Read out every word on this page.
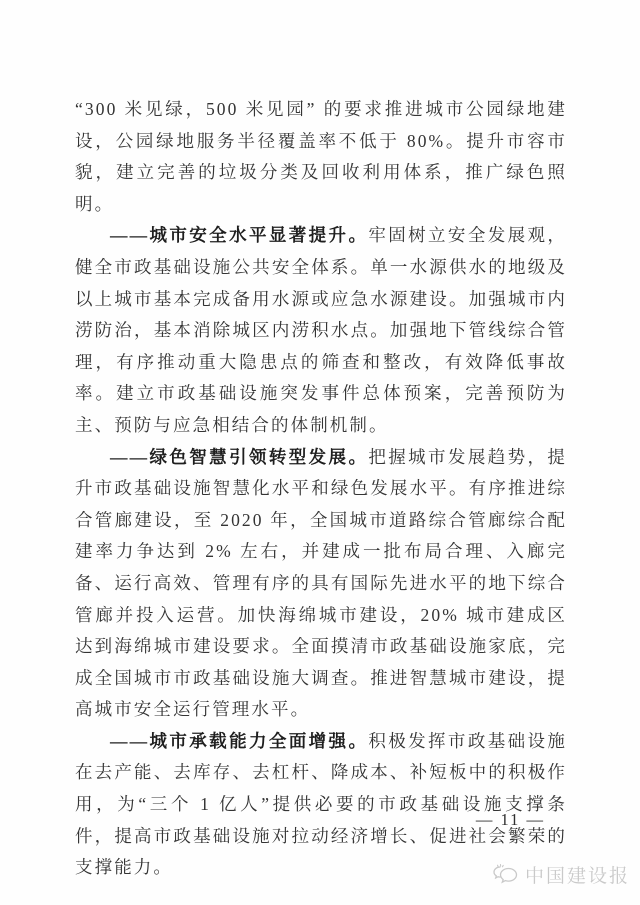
“300 米见绿，500 米见园” 的要求推进城市公园绿地建设，公园绿地服务半径覆盖率不低于 80%。提升市容市貌，建立完善的垃圾分类及回收利用体系，推广绿色照明。

——城市安全水平显著提升。牢固树立安全发展观，健全市政基础设施公共安全体系。单一水源供水的地级及以上城市基本完成备用水源或应急水源建设。加强城市内涝防治，基本消除城区内涝积水点。加强地下管线综合管理，有序推动重大隐患点的筛查和整改，有效降低事故率。建立市政基础设施突发事件总体预案，完善预防为主、预防与应急相结合的体制机制。

——绿色智慧引领转型发展。把握城市发展趋势，提升市政基础设施智慧化水平和绿色发展水平。有序推进综合管廊建设，至 2020 年，全国城市道路综合管廊综合配建率力争达到 2% 左右，并建成一批布局合理、入廊完备、运行高效、管理有序的具有国际先进水平的地下综合管廊并投入运营。加快海绵城市建设，20% 城市建成区达到海绵城市建设要求。全面摸清市政基础设施家底，完成全国城市市政基础设施大调查。推进智慧城市建设，提高城市安全运行管理水平。

——城市承载能力全面增强。积极发挥市政基础设施在去产能、去库存、去杠杆、降成本、补短板中的积极作用，为“三个 1 亿人”提供必要的市政基础设施支撑条件，提高市政基础设施对拉动经济增长、促进社会繁荣的支撑能力。

— 11 —
中国建设报
